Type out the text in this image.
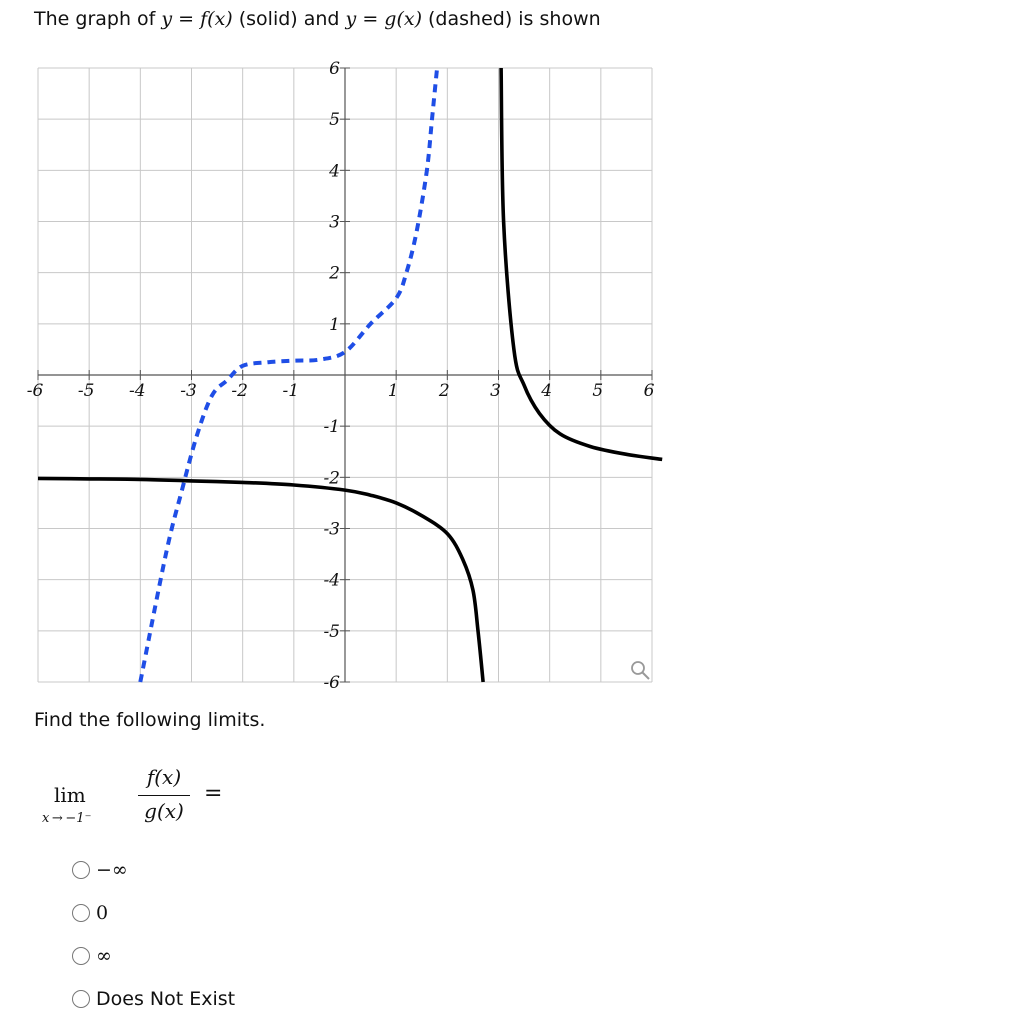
The graph of y = f(x) (solid) and y = g(x) (dashed) is shown
-6 -5 -4 -3 -2 -1	1 2 3 4 5 6
6
5
4
3
2
1
-1
-2
-3
-4
-5
-6
Find the following limits.
lim
x → −1⁻
f(x)
g(x)
=
−∞
0
∞
Does Not Exist
